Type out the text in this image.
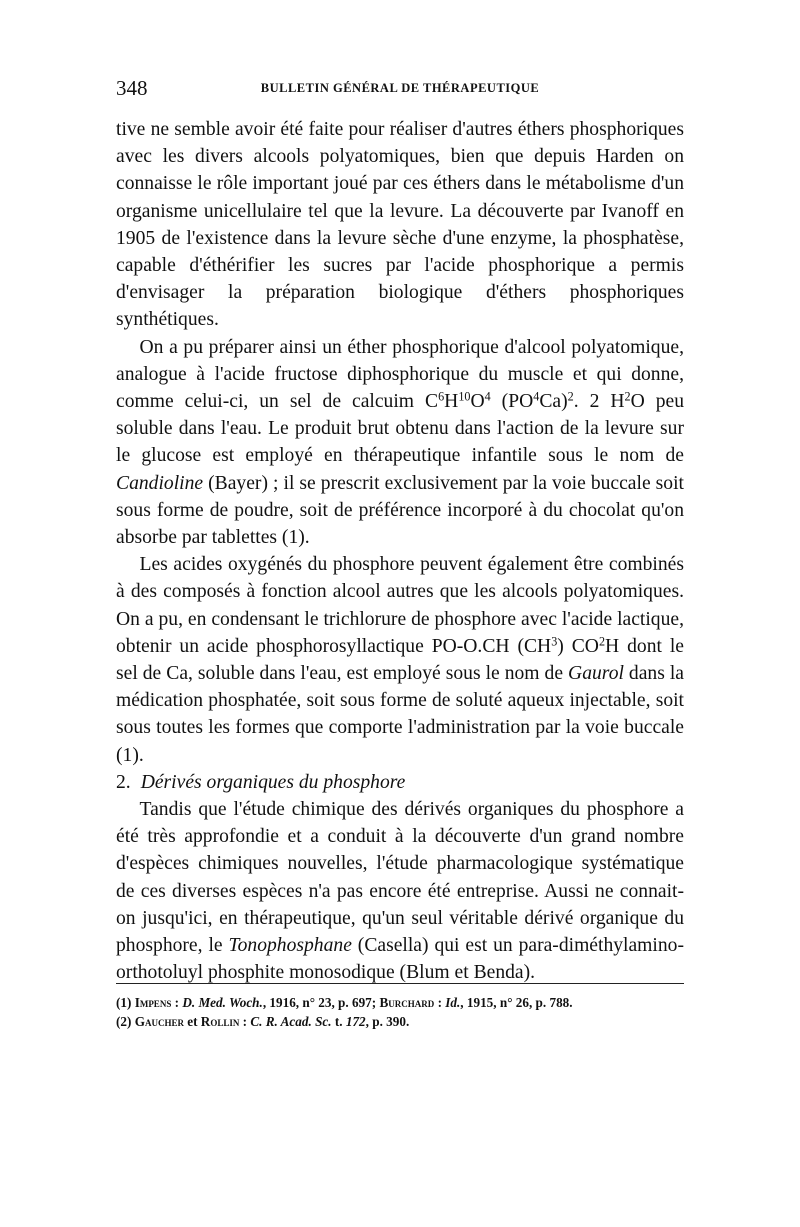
348	BULLETIN GÉNÉRAL DE THÉRAPEUTIQUE

tive ne semble avoir été faite pour réaliser d'autres éthers phosphoriques avec les divers alcools polyatomiques, bien que depuis Harden on connaisse le rôle important joué par ces éthers dans le métabolisme d'un organisme unicellulaire tel que la levure. La découverte par Ivanoff en 1905 de l'existence dans la levure sèche d'une enzyme, la phosphatèse, capable d'éthérifier les sucres par l'acide phosphorique a permis d'envisager la préparation biologique d'éthers phosphoriques synthétiques.

On a pu préparer ainsi un éther phosphorique d'alcool polyatomique, analogue à l'acide fructose diphosphorique du muscle et qui donne, comme celui-ci, un sel de calcuim $C^6H^{10}O^4$ $(PO^4Ca)^2$. 2 $H^2O$ peu soluble dans l'eau. Le produit brut obtenu dans l'action de la levure sur le glucose est employé en thérapeutique infantile sous le nom de Candioline (Bayer) ; il se prescrit exclusivement par la voie buccale soit sous forme de poudre, soit de préférence incorporé à du chocolat qu'on absorbe par tablettes (1).

Les acides oxygénés du phosphore peuvent également être combinés à des composés à fonction alcool autres que les alcools polyatomiques. On a pu, en condensant le trichlorure de phosphore avec l'acide lactique, obtenir un acide phosphorosyllactique PO-O.CH $(CH^3)$ $CO^2H$ dont le sel de Ca, soluble dans l'eau, est employé sous le nom de Gaurol dans la médication phosphatée, soit sous forme de soluté aqueux injectable, soit sous toutes les formes que comporte l'administration par la voie buccale (1).

2. Dérivés organiques du phosphore

Tandis que l'étude chimique des dérivés organiques du phosphore a été très approfondie et a conduit à la découverte d'un grand nombre d'espèces chimiques nouvelles, l'étude pharmacologique systématique de ces diverses espèces n'a pas encore été entreprise. Aussi ne connait-on jusqu'ici, en thérapeutique, qu'un seul véritable dérivé organique du phosphore, le Tonophosphane (Casella) qui est un para-diméthylamino-orthotoluyl phosphite monosodique (Blum et Benda).

(1) Impens : D. Med. Woch., 1916, n° 23, p. 697; Burchard : Id., 1915, n° 26, p. 788.

(2) Gaucher et Rollin : C. R. Acad. Sc. t. 172, p. 390.
